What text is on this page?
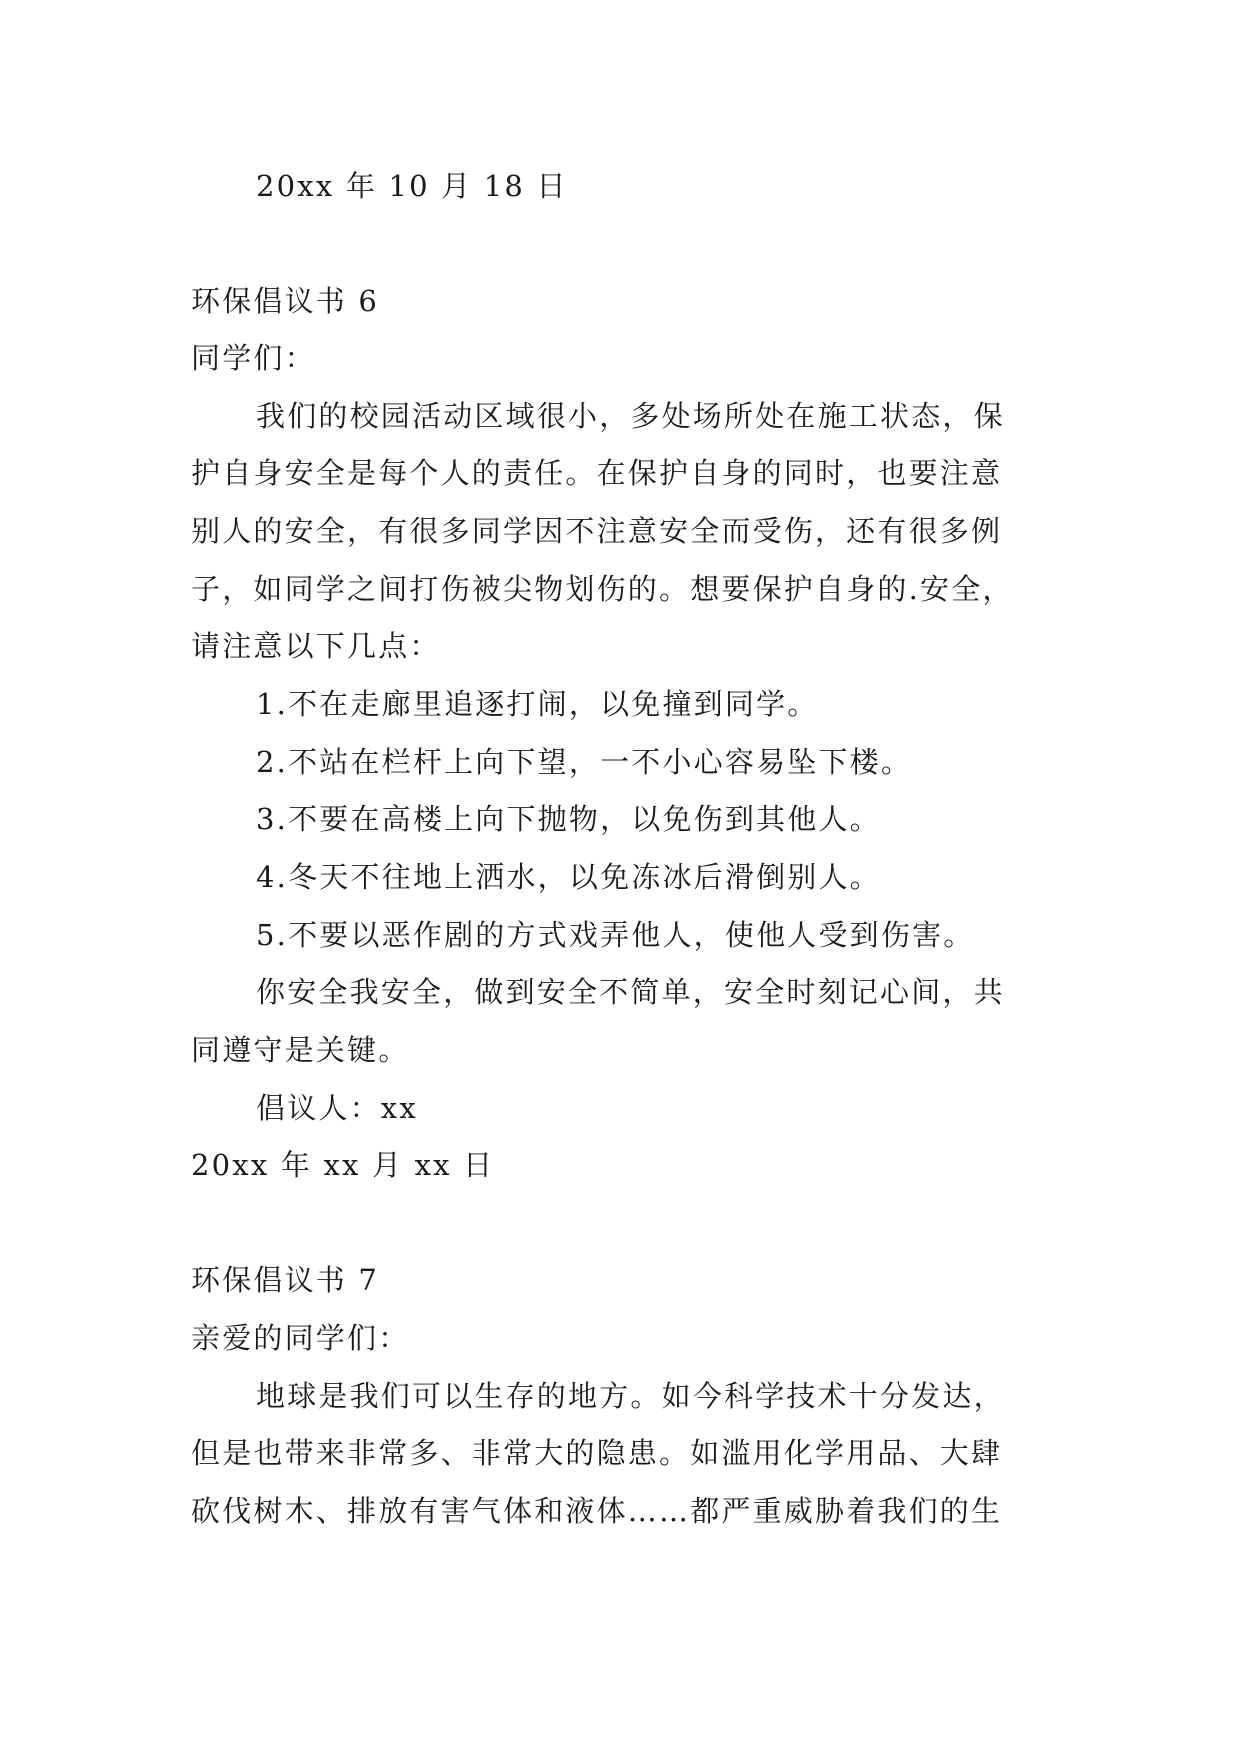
20xx 年 10 月 18 日
环保倡议书 6
同学们：
我们的校园活动区域很小，多处场所处在施工状态，保
护自身安全是每个人的责任。在保护自身的同时，也要注意
别人的安全，有很多同学因不注意安全而受伤，还有很多例
子，如同学之间打伤被尖物划伤的。想要保护自身的.安全，
请注意以下几点：
1.不在走廊里追逐打闹，以免撞到同学。
2.不站在栏杆上向下望，一不小心容易坠下楼。
3.不要在高楼上向下抛物，以免伤到其他人。
4.冬天不往地上洒水，以免冻冰后滑倒别人。
5.不要以恶作剧的方式戏弄他人，使他人受到伤害。
你安全我安全，做到安全不简单，安全时刻记心间，共
同遵守是关键。
倡议人：xx
20xx 年 xx 月 xx 日
环保倡议书 7
亲爱的同学们：
地球是我们可以生存的地方。如今科学技术十分发达，
但是也带来非常多、非常大的隐患。如滥用化学用品、大肆
砍伐树木、排放有害气体和液体……都严重威胁着我们的生
